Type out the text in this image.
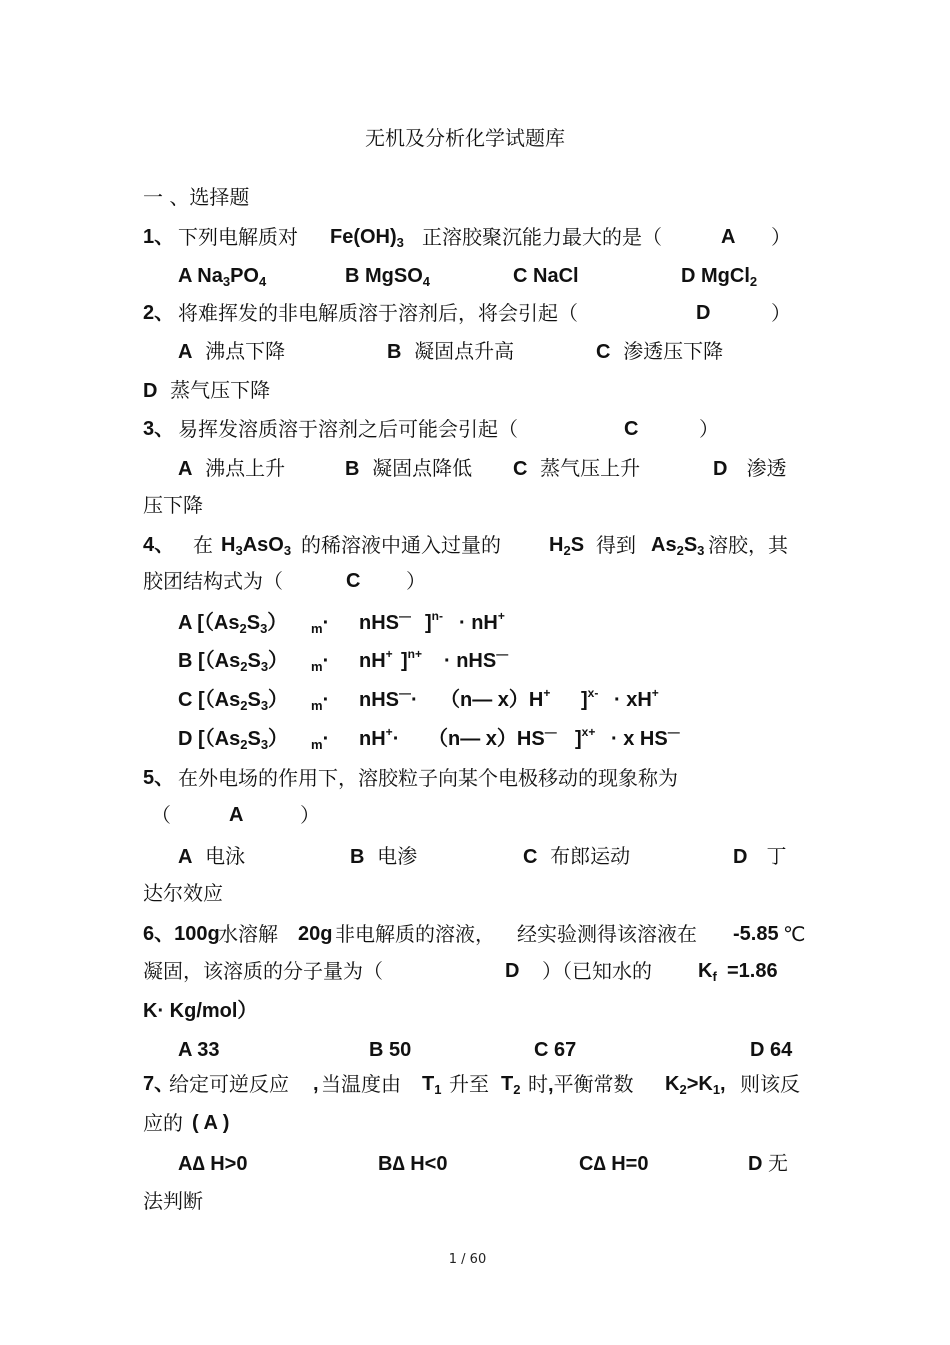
无机及分析化学试题库
一 、选择题
1、 下列电解质对 $Fe(OH)_3$ 正溶胶聚沉能力最大的是（	A ）
A $Na_3PO_4$	B MgSO$_4$	C NaCl	D MgCl$_2$
2、 将难挥发的非电解质溶于溶剂后，将会引起（	D	）
A 沸点下降	B 凝固点升高	C 渗透压下降
D 蒸气压下降
3、 易挥发溶质溶于溶剂之后可能会引起（	C	）
A 沸点上升	B 凝固点降低 C 蒸气压上升	D 渗透
压下降
4、 在 $H_3AsO_3$ 的稀溶液中通入过量的 $H_2S$ 得到 $As_2S_3$ 溶胶，其
胶团结构式为（	C ）
A [$(As_2S_3)$ $_m$· nHS— ]$^{n-}$ · nH+
B [$(As_2S_3)$ $_m$· nH+ ]$^{n+}$ · nHS—
C [$(As_2S_3)$ $_m$· nHS—· （n— x）H+ ]$^{x-}$ · xH+
D [$(As_2S_3)$ $_m$· nH+· （n— x）HS— ]$^{x+}$ · x HS—
5、 在外电场的作用下，溶胶粒子向某个电极移动的现象称为
（	A	）
A 电泳	B 电渗	C 布郎运动	D 丁
达尔效应
6、100g
水溶解 20g 非电解质的溶液， 经实验测得该溶液在 -5.85 ℃
凝固，该溶质的分子量为（	D ）（已知水的 $K_f =1.86$
K· Kg/mol）
A 33	B 50	C 67	D 64
7、
给定可逆反应 , 当温度由 $T_1$ 升至 $T_2$ 时,平衡常数 $K_2>K_1$, 则该反
应的 ( A )
A∆ H>0	B∆ H<0	C∆ H=0	D 无
法判断
1 / 60
